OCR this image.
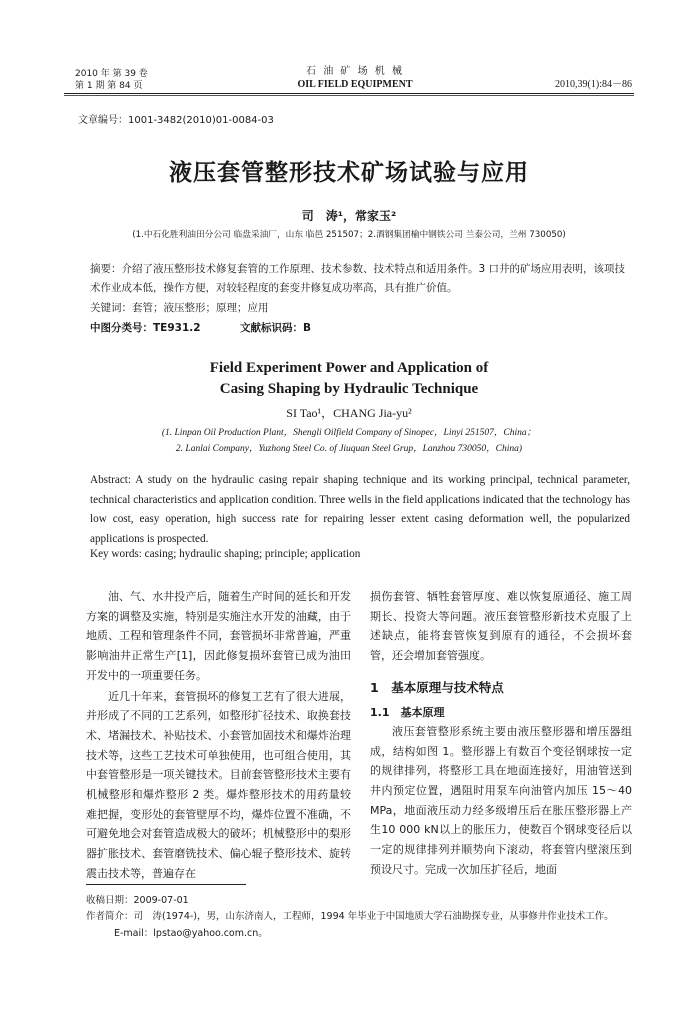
2010 年 第 39 卷
第 1 期 第 84 页
石 油 矿 场 机 械
OIL FIELD EQUIPMENT	2010,39(1):84－86
文章编号：1001-3482(2010)01-0084-03
液压套管整形技术矿场试验与应用
司　涛¹，常家玉²
(1.中石化胜利油田分公司 临盘采油厂，山东 临邑 251507；2.酒钢集团榆中钢铁公司 兰泰公司，兰州 730050)
摘要：介绍了液压整形技术修复套管的工作原理、技术参数、技术特点和适用条件。3 口井的矿场应用表明，该项技术作业成本低，操作方便，对较轻程度的套变井修复成功率高，具有推广价值。
关键词：套管；液压整形；原理；应用
中图分类号：TE931.2	文献标识码：B
Field Experiment Power and Application of
Casing Shaping by Hydraulic Technique
SI Tao¹，CHANG Jia-yu²
(1. Linpan Oil Production Plant，Shengli Oilfield Company of Sinopec，Linyi 251507，China；
2. Lanlai Company，Yuzhong Steel Co. of Jiuquan Steel Grup，Lanzhou 730050，China)
Abstract: A study on the hydraulic casing repair shaping technique and its working principal, technical parameter, technical characteristics and application condition. Three wells in the field applications indicated that the technology has low cost, easy operation, high success rate for repairing lesser extent casing deformation well, the popularized applications is prospected.
Key words: casing; hydraulic shaping; principle; application

油、气、水井投产后，随着生产时间的延长和开发方案的调整及实施，特别是实施注水开发的油藏，由于地质、工程和管理条件不同，套管损坏非常普遍，严重影响油井正常生产[1]，因此修复损坏套管已成为油田开发中的一项重要任务。

近几十年来，套管损坏的修复工艺有了很大进展，并形成了不同的工艺系列，如整形扩径技术、取换套技术、堵漏技术、补贴技术、小套管加固技术和爆炸治理技术等，这些工艺技术可单独使用，也可组合使用，其中套管整形是一项关键技术。目前套管整形技术主要有机械整形和爆炸整形 2 类。爆炸整形技术的用药量较难把握，变形处的套管壁厚不均，爆炸位置不准确，不可避免地会对套管造成极大的破坏；机械整形中的梨形器扩胀技术、套管磨铣技术、偏心辊子整形技术、旋转震击技术等，普遍存在

损伤套管、牺牲套管厚度、难以恢复原通径、施工周期长、投资大等问题。液压套管整形新技术克服了上述缺点，能将套管恢复到原有的通径，不会损坏套管，还会增加套管强度。

1　基本原理与技术特点
1.1　基本原理

液压套管整形系统主要由液压整形器和增压器组成，结构如图 1。整形器上有数百个变径钢球按一定的规律排列，将整形工具在地面连接好，用油管送到井内预定位置，遇阻时用泵车向油管内加压 15～40 MPa，地面液压动力经多级增压后在胀压整形器上产生10 000 kN以上的胀压力，使数百个钢球变径后以一定的规律排列并顺势向下滚动，将套管内壁滚压到预设尺寸。完成一次加压扩径后，地面

收稿日期：2009-07-01
作者简介：司　涛(1974-)，男，山东济南人，工程师，1994 年毕业于中国地质大学石油勘探专业，从事修井作业技术工作。
E-mail：lpstao@yahoo.com.cn。
